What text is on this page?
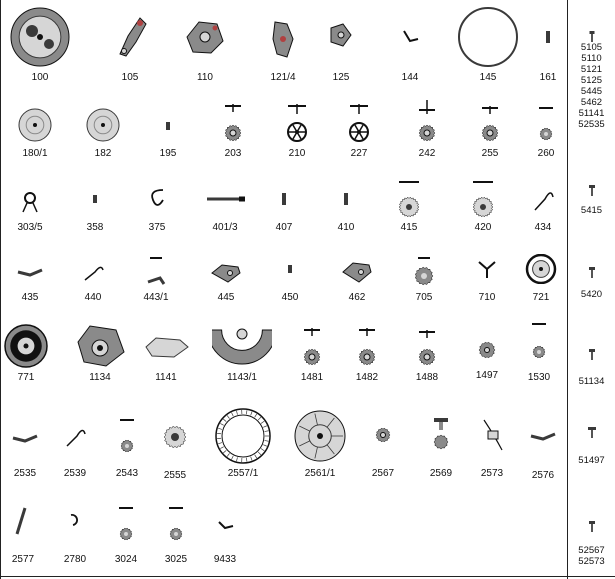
100	105	110	121/4	125	144	145	161
180/1	182	195	203	210	227	242	255	260
303/5	358	375	401/3	407	410	415	420	434
435	440	443/1	445	450	462	705	710	721
771	1134	1141	1143/1	1481	1482	1488	1497	1530
2535	2539	2543	2555	2557/1	2561/1	2567	2569	2573	2576
2577	2780	3024	3025	9433
5105
5110
5121
5125
5445
5462
51141
52535
5415
5420
51134
51497
52567
52573
